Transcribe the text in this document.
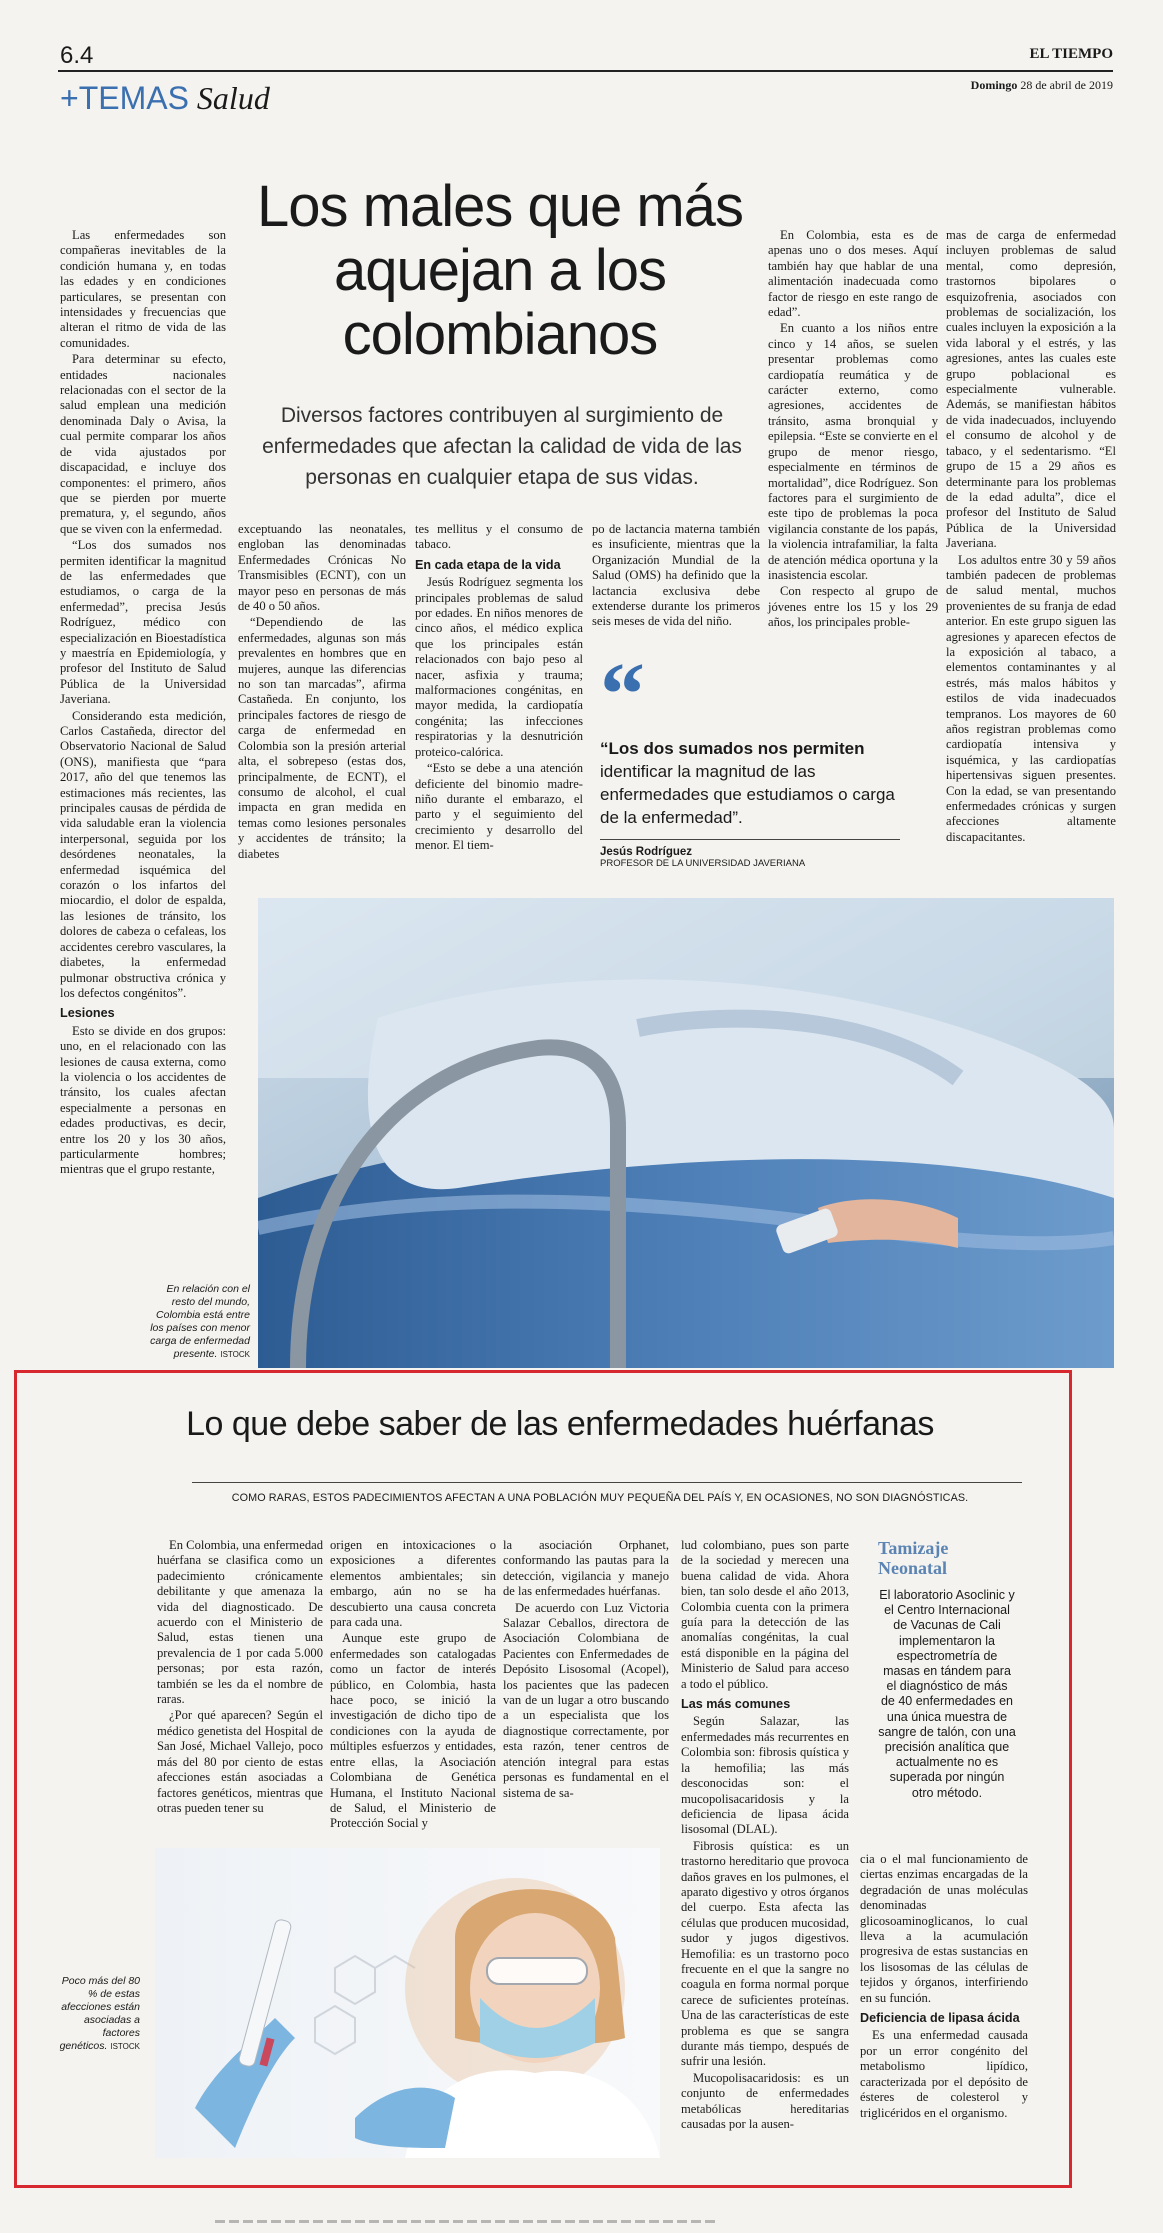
6.4	EL TIEMPO
+TEMAS Salud	Domingo 28 de abril de 2019
Los males que más aquejan a los colombianos
Diversos factores contribuyen al surgimiento de enfermedades que afectan la calidad de vida de las personas en cualquier etapa de sus vidas.

Las enfermedades son compañeras inevitables de la condición humana y, en todas las edades y en condiciones particulares, se presentan con intensidades y frecuencias que alteran el ritmo de vida de las comunidades.

Para determinar su efecto, entidades nacionales relacionadas con el sector de la salud emplean una medición denominada Daly o Avisa, la cual permite comparar los años de vida ajustados por discapacidad, e incluye dos componentes: el primero, años que se pierden por muerte prematura, y, el segundo, años que se viven con la enfermedad.

“Los dos sumados nos permiten identificar la magnitud de las enfermedades que estudiamos, o carga de la enfermedad”, precisa Jesús Rodríguez, médico con especialización en Bioestadística y maestría en Epidemiología, y profesor del Instituto de Salud Pública de la Universidad Javeriana.

Considerando esta medición, Carlos Castañeda, director del Observatorio Nacional de Salud (ONS), manifiesta que “para 2017, año del que tenemos las estimaciones más recientes, las principales causas de pérdida de vida saludable eran la violencia interpersonal, seguida por los desórdenes neonatales, la enfermedad isquémica del corazón o los infartos del miocardio, el dolor de espalda, las lesiones de tránsito, los dolores de cabeza o cefaleas, los accidentes cerebro vasculares, la diabetes, la enfermedad pulmonar obstructiva crónica y los defectos congénitos”.

Lesiones

Esto se divide en dos grupos: uno, en el relacionado con las lesiones de causa externa, como la violencia o los accidentes de tránsito, los cuales afectan especialmente a personas en edades productivas, es decir, entre los 20 y los 30 años, particularmente hombres; mientras que el grupo restante,

exceptuando las neonatales, engloban las denominadas Enfermedades Crónicas No Transmisibles (ECNT), con un mayor peso en personas de más de 40 o 50 años.

“Dependiendo de las enfermedades, algunas son más prevalentes en hombres que en mujeres, aunque las diferencias no son tan marcadas”, afirma Castañeda. En conjunto, los principales factores de riesgo de carga de enfermedad en Colombia son la presión arterial alta, el sobrepeso (estas dos, principalmente, de ECNT), el consumo de alcohol, el cual impacta en gran medida en temas como lesiones personales y accidentes de tránsito; la diabetes

tes mellitus y el consumo de tabaco.

En cada etapa de la vida

Jesús Rodríguez segmenta los principales problemas de salud por edades. En niños menores de cinco años, el médico explica que los principales están relacionados con bajo peso al nacer, asfixia y trauma; malformaciones congénitas, en mayor medida, la cardiopatía congénita; las infecciones respiratorias y la desnutrición proteico-calórica.

“Esto se debe a una atención deficiente del binomio madre-niño durante el embarazo, el parto y el seguimiento del crecimiento y desarrollo del menor. El tiem-

po de lactancia materna también es insuficiente, mientras que la Organización Mundial de la Salud (OMS) ha definido que la lactancia exclusiva debe extenderse durante los primeros seis meses de vida del niño.

En Colombia, esta es de apenas uno o dos meses. Aquí también hay que hablar de una alimentación inadecuada como factor de riesgo en este rango de edad”.

En cuanto a los niños entre cinco y 14 años, se suelen presentar problemas como cardiopatía reumática y de carácter externo, como agresiones, accidentes de tránsito, asma bronquial y epilepsia. “Este se convierte en el grupo de menor riesgo, especialmente en términos de mortalidad”, dice Rodríguez. Son factores para el surgimiento de este tipo de problemas la poca vigilancia constante de los papás, la violencia intrafamiliar, la falta de atención médica oportuna y la inasistencia escolar.

Con respecto al grupo de jóvenes entre los 15 y los 29 años, los principales proble-

mas de carga de enfermedad incluyen problemas de salud mental, como depresión, trastornos bipolares o esquizofrenia, asociados con problemas de socialización, los cuales incluyen la exposición a la vida laboral y el estrés, y las agresiones, antes las cuales este grupo poblacional es especialmente vulnerable. Además, se manifiestan hábitos de vida inadecuados, incluyendo el consumo de alcohol y de tabaco, y el sedentarismo. “El grupo de 15 a 29 años es determinante para los problemas de la edad adulta”, dice el profesor del Instituto de Salud Pública de la Universidad Javeriana.

Los adultos entre 30 y 59 años también padecen de problemas de salud mental, muchos provenientes de su franja de edad anterior. En este grupo siguen las agresiones y aparecen efectos de la exposición al tabaco, a elementos contaminantes y al estrés, más malos hábitos y estilos de vida inadecuados tempranos. Los mayores de 60 años registran problemas como cardiopatía intensiva y isquémica, y las cardiopatías hipertensivas siguen presentes. Con la edad, se van presentando enfermedades crónicas y surgen afecciones altamente discapacitantes.

“
“Los dos sumados nos permiten identificar la magnitud de las enfermedades que estudiamos o carga de la enfermedad”.
Jesús Rodríguez
PROFESOR DE LA UNIVERSIDAD JAVERIANA
En relación con el resto del mundo, Colombia está entre los países con menor carga de enfermedad presente. ISTOCK
Lo que debe saber de las enfermedades huérfanas
COMO RARAS, ESTOS PADECIMIENTOS AFECTAN A UNA POBLACIÓN MUY PEQUEÑA DEL PAÍS Y, EN OCASIONES, NO SON DIAGNÓSTICAS.

En Colombia, una enfermedad huérfana se clasifica como un padecimiento crónicamente debilitante y que amenaza la vida del diagnosticado. De acuerdo con el Ministerio de Salud, estas tienen una prevalencia de 1 por cada 5.000 personas; por esta razón, también se les da el nombre de raras.

¿Por qué aparecen? Según el médico genetista del Hospital de San José, Michael Vallejo, poco más del 80 por ciento de estas afecciones están asociadas a factores genéticos, mientras que otras pueden tener su

origen en intoxicaciones o exposiciones a diferentes elementos ambientales; sin embargo, aún no se ha descubierto una causa concreta para cada una.

Aunque este grupo de enfermedades son catalogadas como un factor de interés público, en Colombia, hasta hace poco, se inició la investigación de dicho tipo de condiciones con la ayuda de múltiples esfuerzos y entidades, entre ellas, la Asociación Colombiana de Genética Humana, el Instituto Nacional de Salud, el Ministerio de Protección Social y

la asociación Orphanet, conformando las pautas para la detección, vigilancia y manejo de las enfermedades huérfanas.

De acuerdo con Luz Victoria Salazar Ceballos, directora de Asociación Colombiana de Pacientes con Enfermedades de Depósito Lisosomal (Acopel), los pacientes que las padecen van de un lugar a otro buscando a un especialista que los diagnostique correctamente, por esta razón, tener centros de atención integral para estas personas es fundamental en el sistema de sa-

lud colombiano, pues son parte de la sociedad y merecen una buena calidad de vida. Ahora bien, tan solo desde el año 2013, Colombia cuenta con la primera guía para la detección de las anomalías congénitas, la cual está disponible en la página del Ministerio de Salud para acceso a todo el público.

Las más comunes

Según Salazar, las enfermedades más recurrentes en Colombia son: fibrosis quística y la hemofilia; las más desconocidas son: el mucopolisacaridosis y la deficiencia de lipasa ácida lisosomal (DLAL).

Fibrosis quística: es un trastorno hereditario que provoca daños graves en los pulmones, el aparato digestivo y otros órganos del cuerpo. Esta afecta las células que producen mucosidad, sudor y jugos digestivos. Hemofilia: es un trastorno poco frecuente en el que la sangre no coagula en forma normal porque carece de suficientes proteínas. Una de las características de este problema es que se sangra durante más tiempo, después de sufrir una lesión.

Mucopolisacaridosis: es un conjunto de enfermedades metabólicas hereditarias causadas por la ausen-

cia o el mal funcionamiento de ciertas enzimas encargadas de la degradación de unas moléculas denominadas glicosoaminoglicanos, lo cual lleva a la acumulación progresiva de estas sustancias en los lisosomas de las células de tejidos y órganos, interfiriendo en su función.

Deficiencia de lipasa ácida

Es una enfermedad causada por un error congénito del metabolismo lipídico, caracterizada por el depósito de ésteres de colesterol y triglicéridos en el organismo.

Tamizaje Neonatal
El laboratorio Asoclinic y el Centro Internacional de Vacunas de Cali implementaron la espectrometría de masas en tándem para el diagnóstico de más de 40 enfermedades en una única muestra de sangre de talón, con una precisión analítica que actualmente no es superada por ningún otro método.
Poco más del 80 % de estas afecciones están asociadas a factores genéticos. ISTOCK
